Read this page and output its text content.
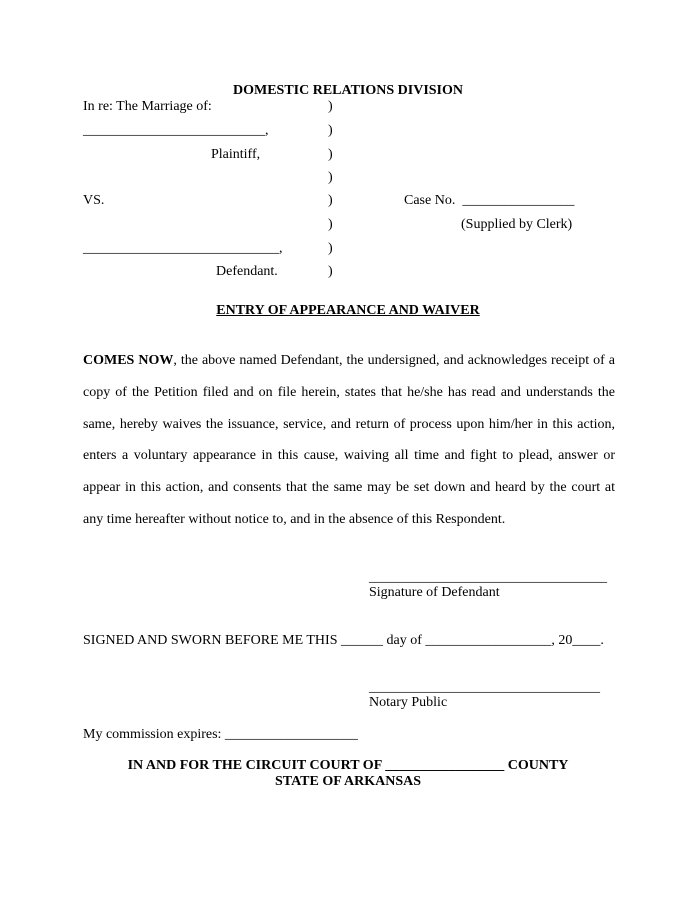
DOMESTIC RELATIONS DIVISION
In re: The Marriage of:
__________________________,
Plaintiff,
VS.
____________________________,
Defendant.
)
)
)
)
)
)
)
)
Case No. ________________
(Supplied by Clerk)
ENTRY OF APPEARANCE AND WAIVER
COMES NOW, the above named Defendant, the undersigned, and acknowledges receipt of a copy of the Petition filed and on file herein, states that he/she has read and understands the same, hereby waives the issuance, service, and return of process upon him/her in this action, enters a voluntary appearance in this cause, waiving all time and fight to plead, answer or appear in this action, and consents that the same may be set down and heard by the court at any time hereafter without notice to, and in the absence of this Respondent.
__________________________________
Signature of Defendant
SIGNED AND SWORN BEFORE ME THIS ______ day of __________________, 20____.
_________________________________
Notary Public
My commission expires: ___________________
IN AND FOR THE CIRCUIT COURT OF _________________ COUNTY
STATE OF ARKANSAS
